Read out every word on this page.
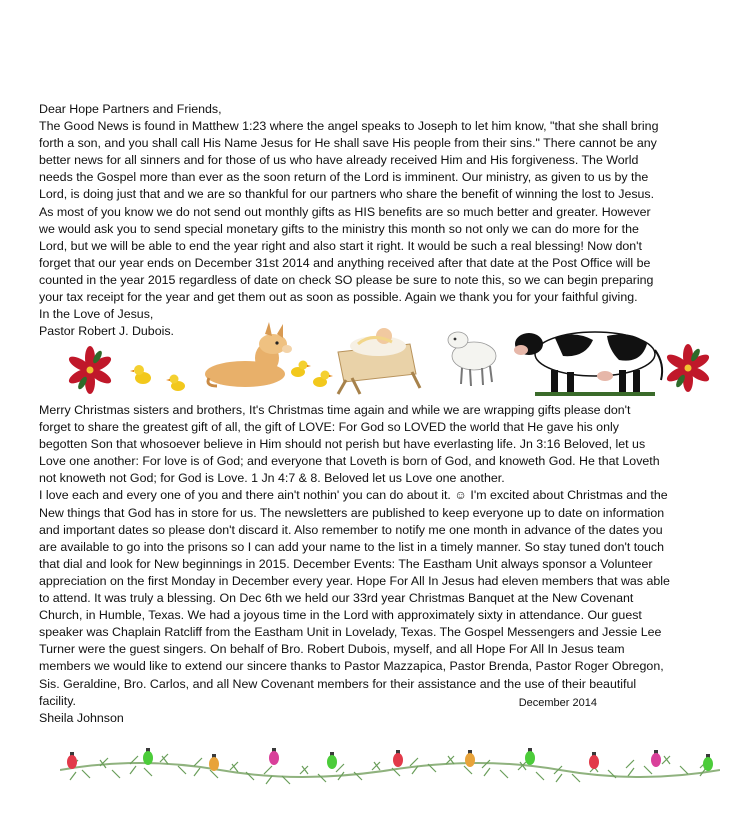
Dear Hope Partners and Friends,

The Good News is found in Matthew 1:23 where the angel speaks to Joseph to let him know, "that she shall bring

forth a son, and you shall call His Name Jesus for He shall save His people from their sins." There cannot be any

better news for all sinners and for those of us who have already received Him and His forgiveness. The World

needs the Gospel more than ever as the soon return of the Lord is imminent. Our ministry, as given to us by the

Lord, is doing just that and we are so thankful for our partners who share the benefit of winning the lost to Jesus.

As most of you know we do not send out monthly gifts as HIS benefits are so much better and greater. However

we would ask you to send special monetary gifts to the ministry this month so not only we can do more for the

Lord, but we will be able to end the year right and also start it right. It would be such a real blessing! Now don't

forget that our year ends on December 31st 2014 and anything received after that date at the Post Office will be

counted in the year 2015 regardless of date on check SO please be sure to note this, so we can begin preparing

your tax receipt for the year and get them out as soon as possible. Again we thank you for your faithful giving.

In the Love of Jesus,

Pastor Robert J. Dubois.

Merry Christmas sisters and brothers, It's Christmas time again and while we are wrapping gifts please don't

forget to share the greatest gift of all, the gift of LOVE: For God so LOVED the world that He gave his only

begotten Son that whosoever believe in Him should not perish but have everlasting life. Jn 3:16 Beloved, let us

Love one another: For love is of God; and everyone that Loveth is born of God, and knoweth God. He that Loveth

not knoweth not God; for God is Love. 1 Jn 4:7 & 8. Beloved let us Love one another.

I love each and every one of you and there ain't nothin' you can do about it. ☺ I'm excited about Christmas and the

New things that God has in store for us. The newsletters are published to keep everyone up to date on information

and important dates so please don't discard it. Also remember to notify me one month in advance of the dates you

are available to go into the prisons so I can add your name to the list in a timely manner. So stay tuned don't touch

that dial and look for New beginnings in 2015. December Events: The Eastham Unit always sponsor a Volunteer

appreciation on the first Monday in December every year. Hope For All In Jesus had eleven members that was able

to attend. It was truly a blessing. On Dec 6th we held our 33rd year Christmas Banquet at the New Covenant

Church, in Humble, Texas. We had a joyous time in the Lord with approximately sixty in attendance. Our guest

speaker was Chaplain Ratcliff from the Eastham Unit in Lovelady, Texas. The Gospel Messengers and Jessie Lee

Turner were the guest singers. On behalf of Bro. Robert Dubois, myself, and all Hope For All In Jesus team

members we would like to extend our sincere thanks to Pastor Mazzapica, Pastor Brenda, Pastor Roger Obregon,

Sis. Geraldine, Bro. Carlos, and all New Covenant members for their assistance and the use of their beautiful

facility.	December 2014

Sheila Johnson
